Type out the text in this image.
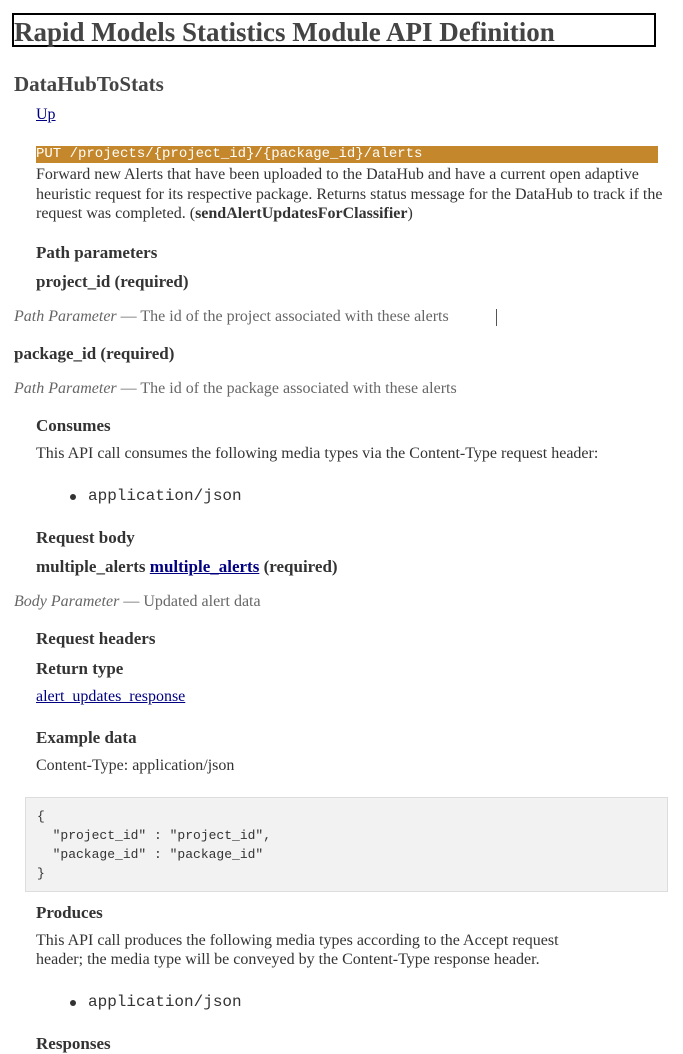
Rapid Models Statistics Module API Definition
DataHubToStats
Up
PUT /projects/{project_id}/{package_id}/alerts
Forward new Alerts that have been uploaded to the DataHub and have a current open adaptive heuristic request for its respective package. Returns status message for the DataHub to track if the request was completed. (sendAlertUpdatesForClassifier)
Path parameters
project_id (required)
Path Parameter — The id of the project associated with these alerts
package_id (required)
Path Parameter — The id of the package associated with these alerts
Consumes
This API call consumes the following media types via the Content-Type request header:
application/json
Request body
multiple_alerts multiple_alerts (required)
Body Parameter — Updated alert data
Request headers
Return type
alert_updates_response
Example data
Content-Type: application/json
{
"project_id" : "project_id",
"package_id" : "package_id"
}
Produces
This API call produces the following media types according to the Accept request
header; the media type will be conveyed by the Content-Type response header.
application/json
Responses
